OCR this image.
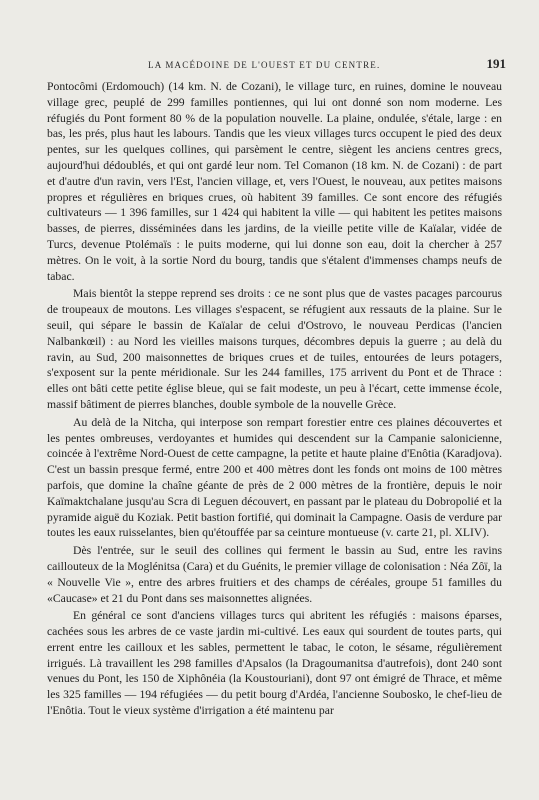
LA MACÉDOINE DE L'OUEST ET DU CENTRE.	191

Pontocômi (Erdomouch) (14 km. N. de Cozani), le village turc, en ruines, domine le nouveau village grec, peuplé de 299 familles pontiennes, qui lui ont donné son nom moderne. Les réfugiés du Pont forment 80 % de la population nouvelle. La plaine, ondulée, s'étale, large : en bas, les prés, plus haut les labours. Tandis que les vieux villages turcs occupent le pied des deux pentes, sur les quelques collines, qui parsèment le centre, siègent les anciens centres grecs, aujourd'hui dédoublés, et qui ont gardé leur nom. Tel Comanon (18 km. N. de Cozani) : de part et d'autre d'un ravin, vers l'Est, l'ancien village, et, vers l'Ouest, le nouveau, aux petites maisons propres et régulières en briques crues, où habitent 39 familles. Ce sont encore des réfugiés cultivateurs — 1 396 familles, sur 1 424 qui habitent la ville — qui habitent les petites maisons basses, de pierres, disséminées dans les jardins, de la vieille petite ville de Kaïalar, vidée de Turcs, devenue Ptolémaïs : le puits moderne, qui lui donne son eau, doit la chercher à 257 mètres. On le voit, à la sortie Nord du bourg, tandis que s'étalent d'immenses champs neufs de tabac.

Mais bientôt la steppe reprend ses droits : ce ne sont plus que de vastes pacages parcourus de troupeaux de moutons. Les villages s'espacent, se réfugient aux ressauts de la plaine. Sur le seuil, qui sépare le bassin de Kaïalar de celui d'Ostrovo, le nouveau Perdicas (l'ancien Nalbankœil) : au Nord les vieilles maisons turques, décombres depuis la guerre ; au delà du ravin, au Sud, 200 maisonnettes de briques crues et de tuiles, entourées de leurs potagers, s'exposent sur la pente méridionale. Sur les 244 familles, 175 arrivent du Pont et de Thrace : elles ont bâti cette petite église bleue, qui se fait modeste, un peu à l'écart, cette immense école, massif bâtiment de pierres blanches, double symbole de la nouvelle Grèce.

Au delà de la Nitcha, qui interpose son rempart forestier entre ces plaines découvertes et les pentes ombreuses, verdoyantes et humides qui descendent sur la Campanie salonicienne, coincée à l'extrême Nord-Ouest de cette campagne, la petite et haute plaine d'Enôtia (Karadjova). C'est un bassin presque fermé, entre 200 et 400 mètres dont les fonds ont moins de 100 mètres parfois, que domine la chaîne géante de près de 2 000 mètres de la frontière, depuis le noir Kaïmaktchalane jusqu'au Scra di Leguen découvert, en passant par le plateau du Dobropolié et la pyramide aiguë du Koziak. Petit bastion fortifié, qui dominait la Campagne. Oasis de verdure par toutes les eaux ruisselantes, bien qu'étouffée par sa ceinture montueuse (v. carte 21, pl. XLIV).

Dès l'entrée, sur le seuil des collines qui ferment le bassin au Sud, entre les ravins caillouteux de la Moglénitsa (Cara) et du Guénits, le premier village de colonisation : Néa Zôï, la « Nouvelle Vie », entre des arbres fruitiers et des champs de céréales, groupe 51 familles du «Caucase» et 21 du Pont dans ses maisonnettes alignées.

En général ce sont d'anciens villages turcs qui abritent les réfugiés : maisons éparses, cachées sous les arbres de ce vaste jardin mi-cultivé. Les eaux qui sourdent de toutes parts, qui errent entre les cailloux et les sables, permettent le tabac, le coton, le sésame, régulièrement irrigués. Là travaillent les 298 familles d'Apsalos (la Dragoumanitsa d'autrefois), dont 240 sont venues du Pont, les 150 de Xiphônéia (la Koustouriani), dont 97 ont émigré de Thrace, et même les 325 familles — 194 réfugiées — du petit bourg d'Ardéa, l'ancienne Soubosko, le chef-lieu de l'Enôtia. Tout le vieux système d'irrigation a été maintenu par
